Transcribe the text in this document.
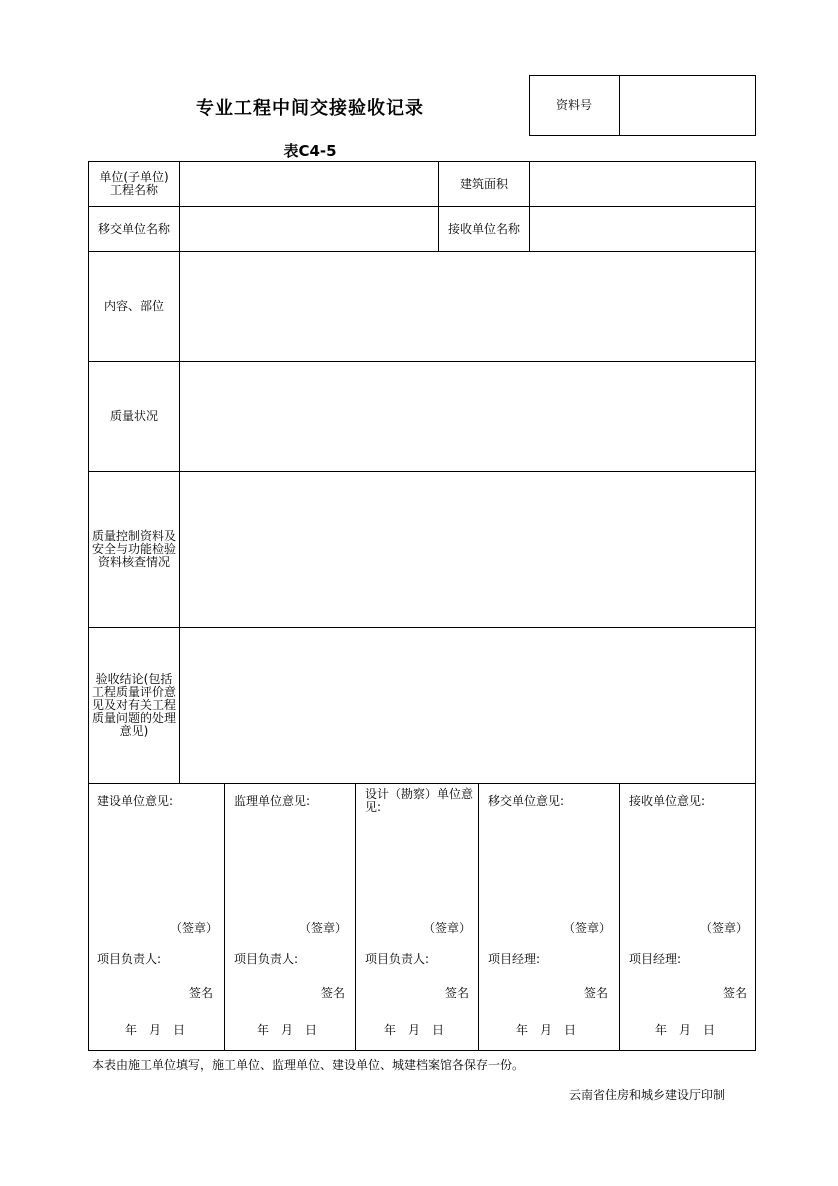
专业工程中间交接验收记录
表C4-5
资料号
单位(子单位)
工程名称	建筑面积
移交单位名称	接收单位名称
内容、部位
质量状况
质量控制资料及安全与功能检验资料核查情况
验收结论(包括工程质量评价意见及对有关工程质量问题的处理意见)
建设单位意见:
（签章）
项目负责人:
签名
年　月　日
监理单位意见:
（签章）
项目负责人:
签名
年　月　日
设计（勘察）单位意见:
（签章）
项目负责人:
签名
年　月　日
移交单位意见:
（签章）
项目经理:
签名
年　月　日
接收单位意见:
（签章）
项目经理:
签名
年　月　日
本表由施工单位填写，施工单位、监理单位、建设单位、城建档案馆各保存一份。
云南省住房和城乡建设厅印制
